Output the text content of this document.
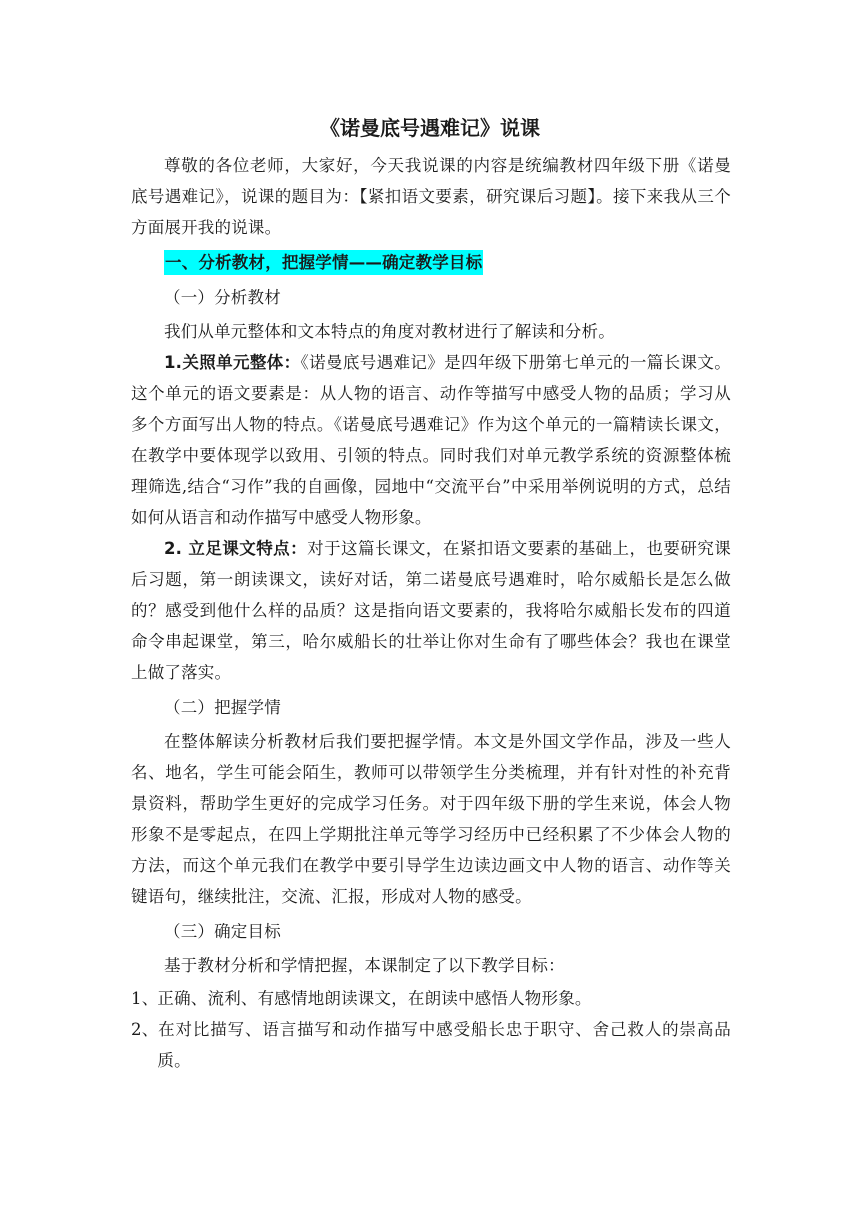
《诺曼底号遇难记》说课

尊敬的各位老师，大家好，今天我说课的内容是统编教材四年级下册《诺曼底号遇难记》，说课的题目为：【紧扣语文要素，研究课后习题】。接下来我从三个方面展开我的说课。

一、分析教材，把握学情——确定教学目标

（一）分析教材

我们从单元整体和文本特点的角度对教材进行了解读和分析。

1.关照单元整体：《诺曼底号遇难记》是四年级下册第七单元的一篇长课文。这个单元的语文要素是：从人物的语言、动作等描写中感受人物的品质；学习从多个方面写出人物的特点。《诺曼底号遇难记》作为这个单元的一篇精读长课文，在教学中要体现学以致用、引领的特点。同时我们对单元教学系统的资源整体梳理筛选,结合“习作”我的自画像，园地中“交流平台”中采用举例说明的方式，总结如何从语言和动作描写中感受人物形象。

2. 立足课文特点：对于这篇长课文，在紧扣语文要素的基础上，也要研究课后习题，第一朗读课文，读好对话，第二诺曼底号遇难时，哈尔威船长是怎么做的？感受到他什么样的品质？这是指向语文要素的，我将哈尔威船长发布的四道命令串起课堂，第三，哈尔威船长的壮举让你对生命有了哪些体会？我也在课堂上做了落实。

（二）把握学情

在整体解读分析教材后我们要把握学情。本文是外国文学作品，涉及一些人名、地名，学生可能会陌生，教师可以带领学生分类梳理，并有针对性的补充背景资料，帮助学生更好的完成学习任务。对于四年级下册的学生来说，体会人物形象不是零起点，在四上学期批注单元等学习经历中已经积累了不少体会人物的方法，而这个单元我们在教学中要引导学生边读边画文中人物的语言、动作等关键语句，继续批注，交流、汇报，形成对人物的感受。

（三）确定目标

基于教材分析和学情把握，本课制定了以下教学目标：

1、正确、流利、有感情地朗读课文，在朗读中感悟人物形象。

2、在对比描写、语言描写和动作描写中感受船长忠于职守、舍己救人的崇高品质。
